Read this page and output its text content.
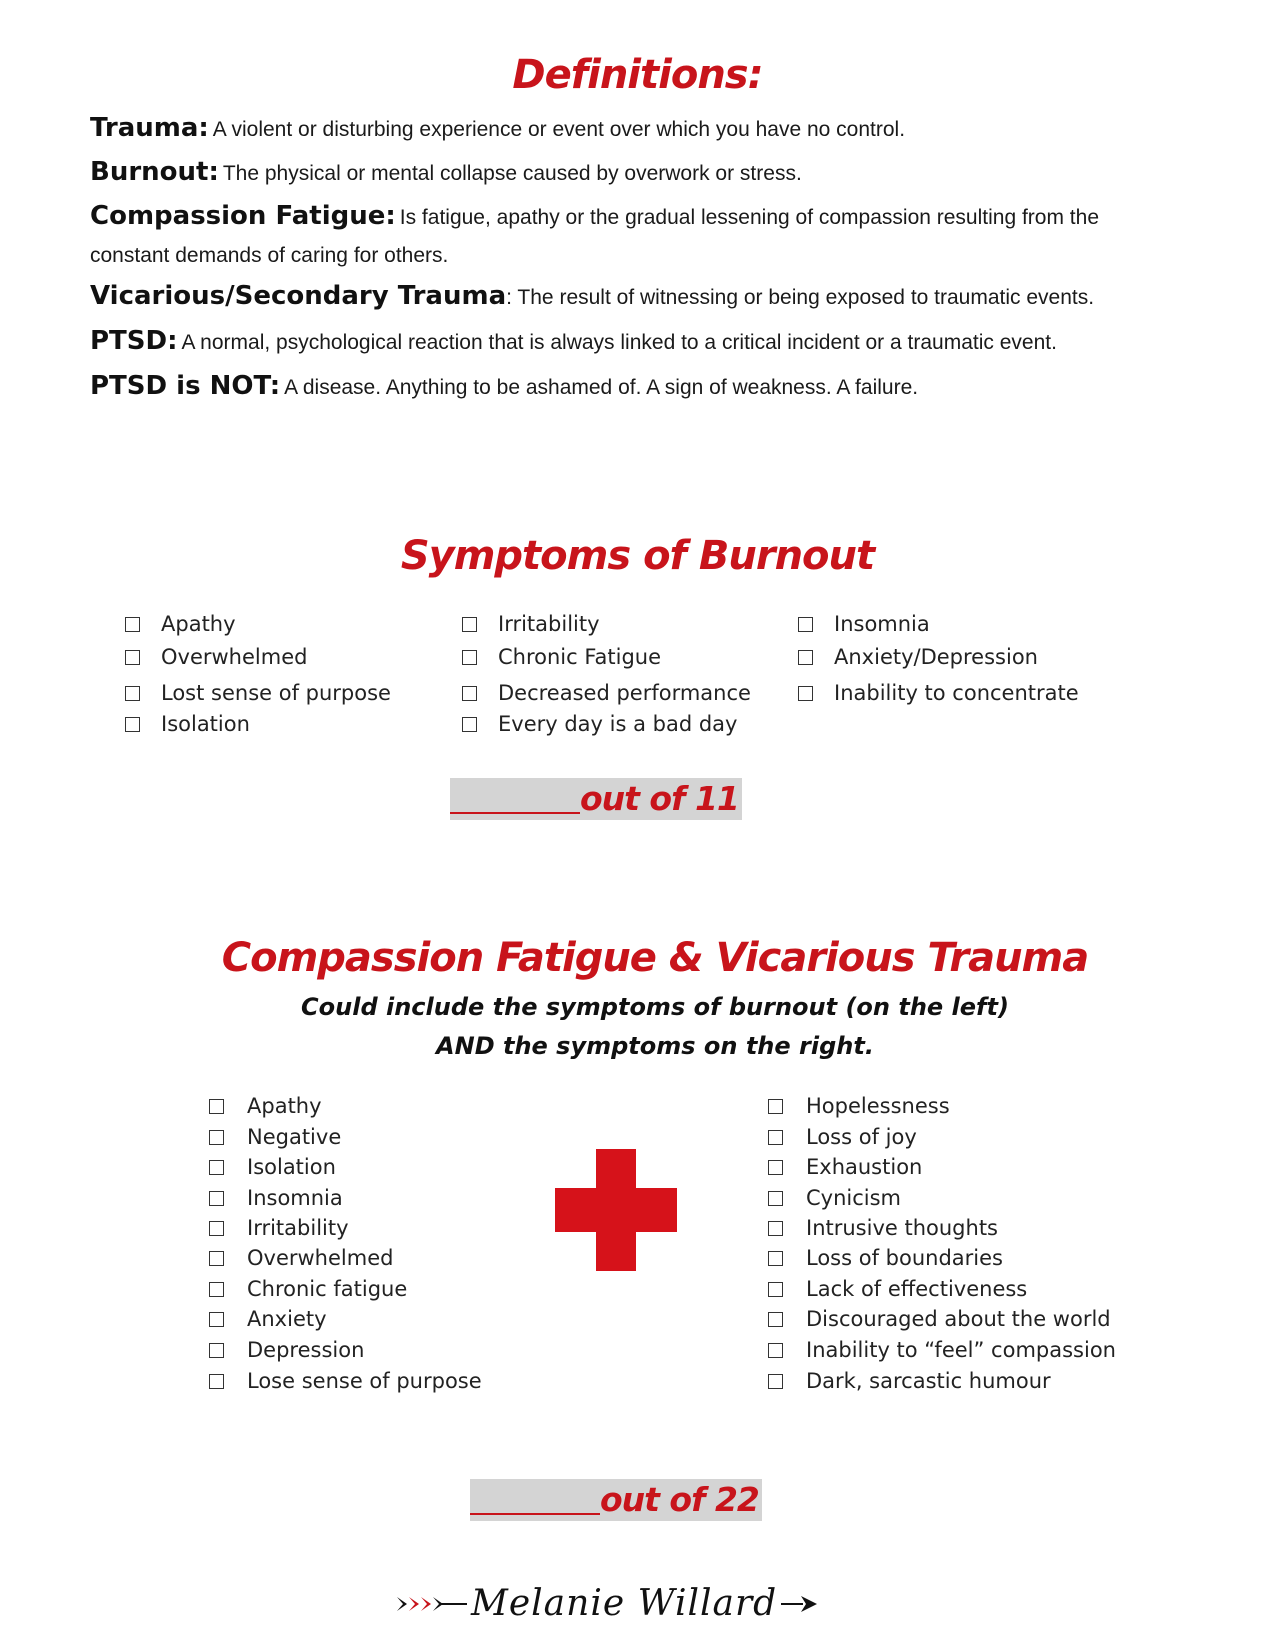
Definitions:
Trauma: A violent or disturbing experience or event over which you have no control.
Burnout: The physical or mental collapse caused by overwork or stress.
Compassion Fatigue: Is fatigue, apathy or the gradual lessening of compassion resulting from the
constant demands of caring for others.
Vicarious/Secondary Trauma: The result of witnessing or being exposed to traumatic events.
PTSD: A normal, psychological reaction that is always linked to a critical incident or a traumatic event.
PTSD is NOT: A disease. Anything to be ashamed of. A sign of weakness. A failure.
Symptoms of Burnout
Apathy
Overwhelmed
Lost sense of purpose
Isolation
Irritability
Chronic Fatigue
Decreased performance
Every day is a bad day
Insomnia
Anxiety/Depression
Inability to concentrate
out of 11
Compassion Fatigue & Vicarious Trauma
Could include the symptoms of burnout (on the left)
AND the symptoms on the right.
Apathy
Negative
Isolation
Insomnia
Irritability
Overwhelmed
Chronic fatigue
Anxiety
Depression
Lose sense of purpose
Hopelessness
Loss of joy
Exhaustion
Cynicism
Intrusive thoughts
Loss of boundaries
Lack of effectiveness
Discouraged about the world
Inability to “feel” compassion
Dark, sarcastic humour
out of 22
Melanie Willard
